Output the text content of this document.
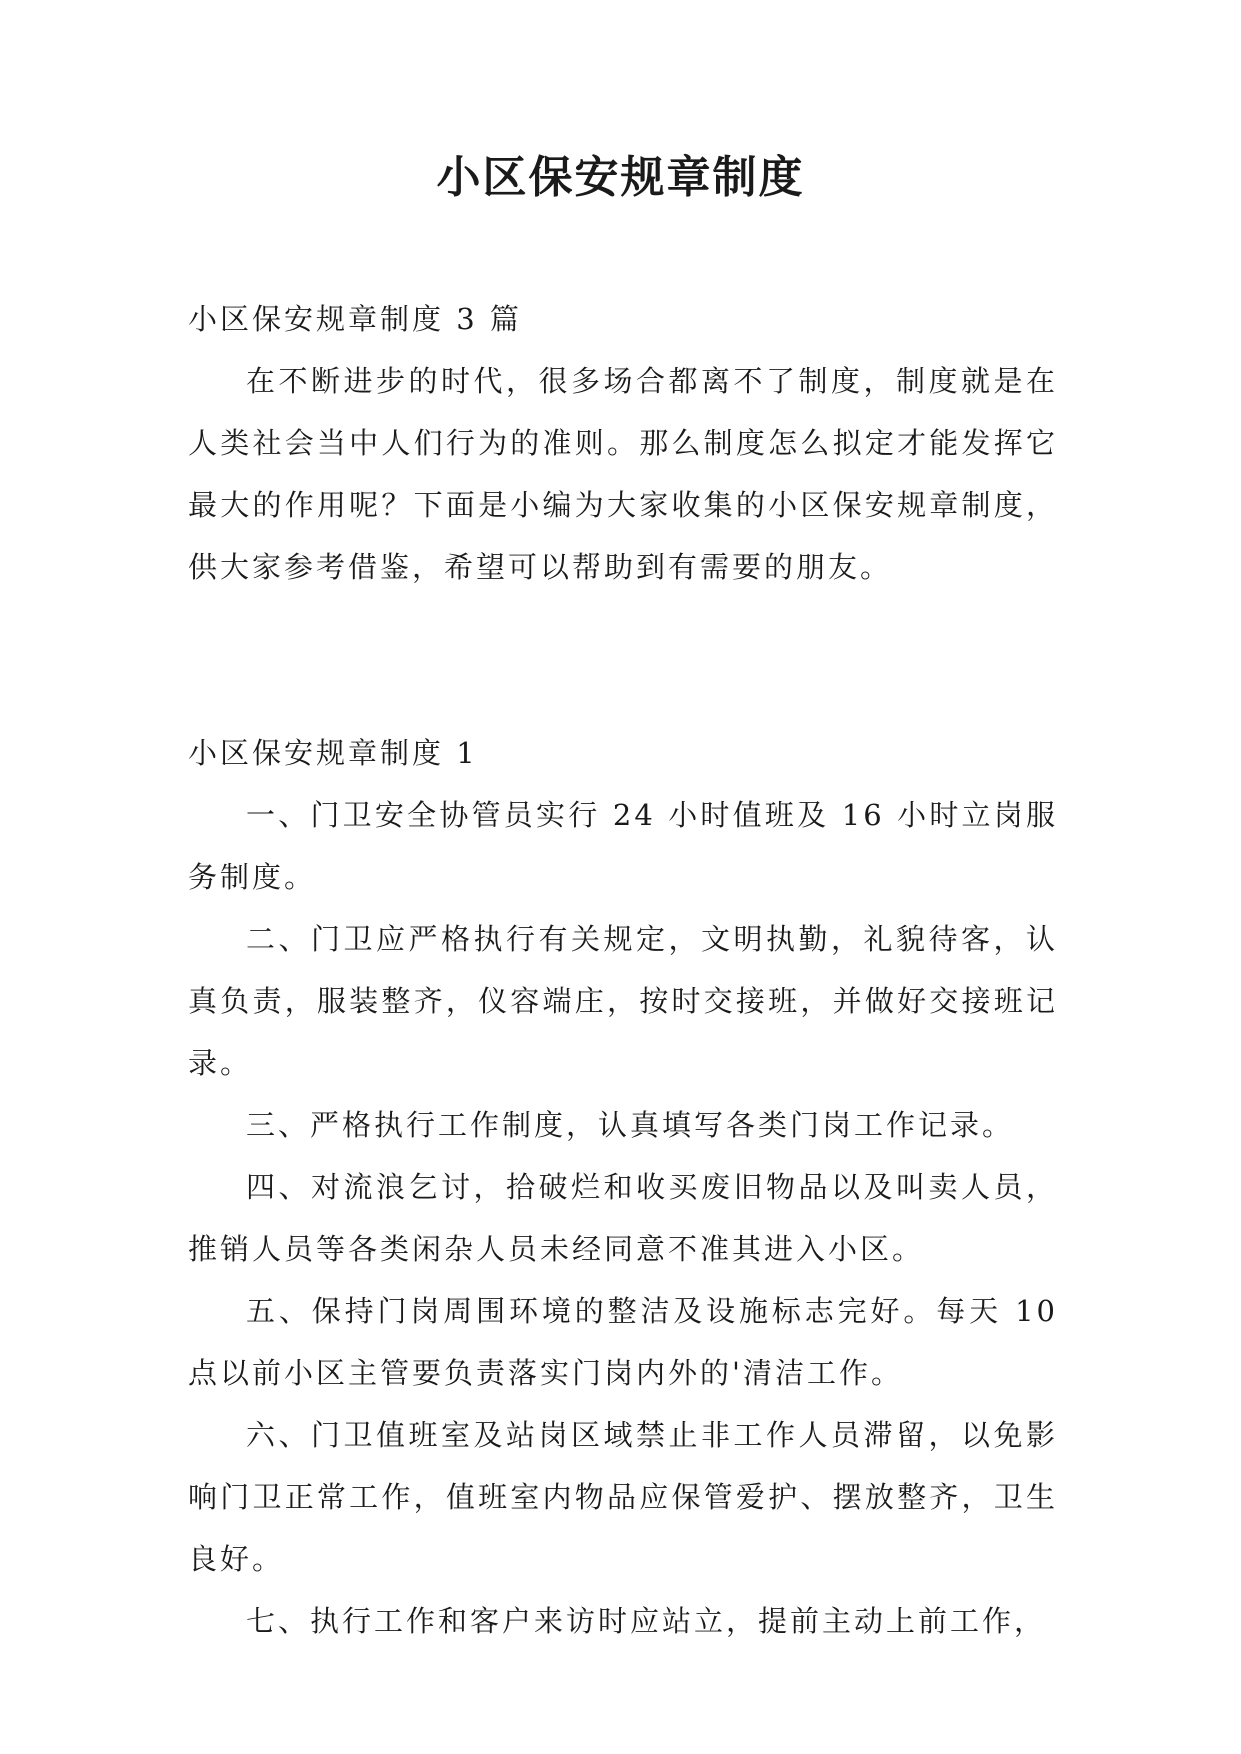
小区保安规章制度

小区保安规章制度 3 篇

在不断进步的时代，很多场合都离不了制度，制度就是在人类社会当中人们行为的准则。那么制度怎么拟定才能发挥它最大的作用呢？下面是小编为大家收集的小区保安规章制度，供大家参考借鉴，希望可以帮助到有需要的朋友。

小区保安规章制度 1

一、门卫安全协管员实行 24 小时值班及 16 小时立岗服务制度。

二、门卫应严格执行有关规定，文明执勤，礼貌待客，认真负责，服装整齐，仪容端庄，按时交接班，并做好交接班记录。

三、严格执行工作制度，认真填写各类门岗工作记录。

四、对流浪乞讨，拾破烂和收买废旧物品以及叫卖人员，推销人员等各类闲杂人员未经同意不准其进入小区。

五、保持门岗周围环境的整洁及设施标志完好。每天 10 点以前小区主管要负责落实门岗内外的'清洁工作。

六、门卫值班室及站岗区域禁止非工作人员滞留，以免影响门卫正常工作，值班室内物品应保管爱护、摆放整齐，卫生良好。

七、执行工作和客户来访时应站立，提前主动上前工作，
